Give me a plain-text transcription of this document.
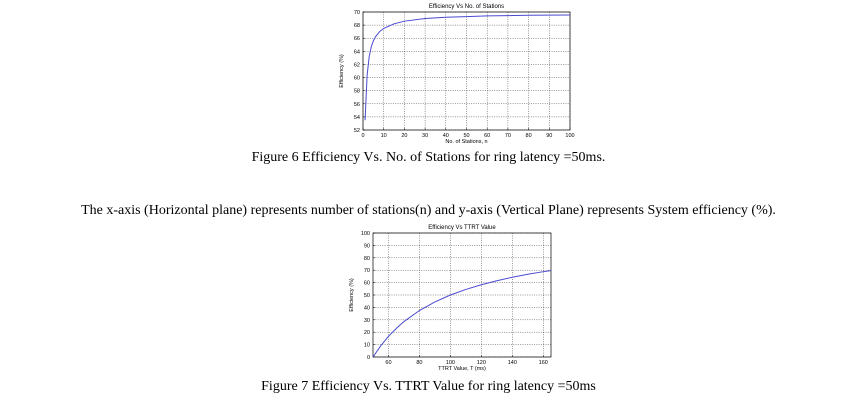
0	10	20	30	40	50	60	70	80	90 100
52
54
56
58
60
62
64
66
68
70
Efficiency Vs No. of Stations
No. of Stations, n
Efficiency (%)
Figure 6 Efficiency Vs. No. of Stations for ring latency =50ms.
The x-axis (Horizontal plane) represents number of stations(n) and y-axis (Vertical Plane) represents System efficiency (%).
60	80	100	120	140	160
0
10
20
30
40
50
60
70
80
90
100
Efficiency Vs TTRT Value
TTRT Value, T (ms)
Efficiency (%)
Figure 7 Efficiency Vs. TTRT Value for ring latency =50ms
